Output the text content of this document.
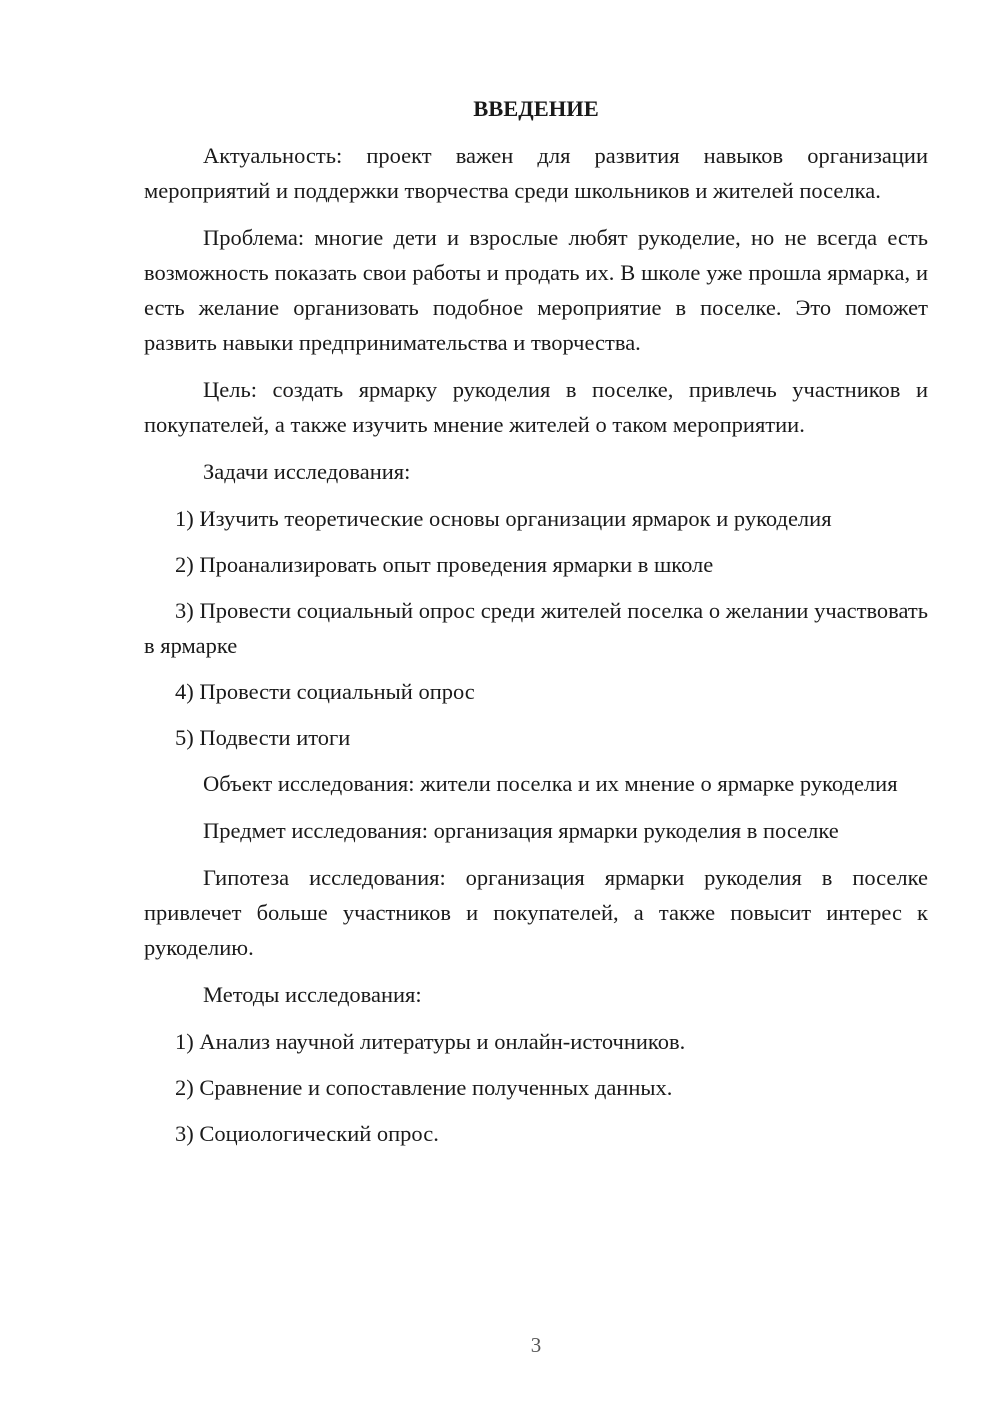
ВВЕДЕНИЕ

Актуальность: проект важен для развития навыков организации мероприятий и поддержки творчества среди школьников и жителей поселка.

Проблема: многие дети и взрослые любят рукоделие, но не всегда есть возможность показать свои работы и продать их. В школе уже прошла ярмарка, и есть желание организовать подобное мероприятие в поселке. Это поможет развить навыки предпринимательства и творчества.

Цель: создать ярмарку рукоделия в поселке, привлечь участников и покупателей, а также изучить мнение жителей о таком мероприятии.

Задачи исследования:

1) Изучить теоретические основы организации ярмарок и рукоделия

2) Проанализировать опыт проведения ярмарки в школе

3) Провести социальный опрос среди жителей поселка о желании участвовать в ярмарке

4) Провести социальный опрос

5) Подвести итоги

Объект исследования: жители поселка и их мнение о ярмарке рукоделия

Предмет исследования: организация ярмарки рукоделия в поселке

Гипотеза исследования: организация ярмарки рукоделия в поселке привлечет больше участников и покупателей, а также повысит интерес к рукоделию.

Методы исследования:

1) Анализ научной литературы и онлайн-источников.

2) Сравнение и сопоставление полученных данных.

3) Социологический опрос.

3
